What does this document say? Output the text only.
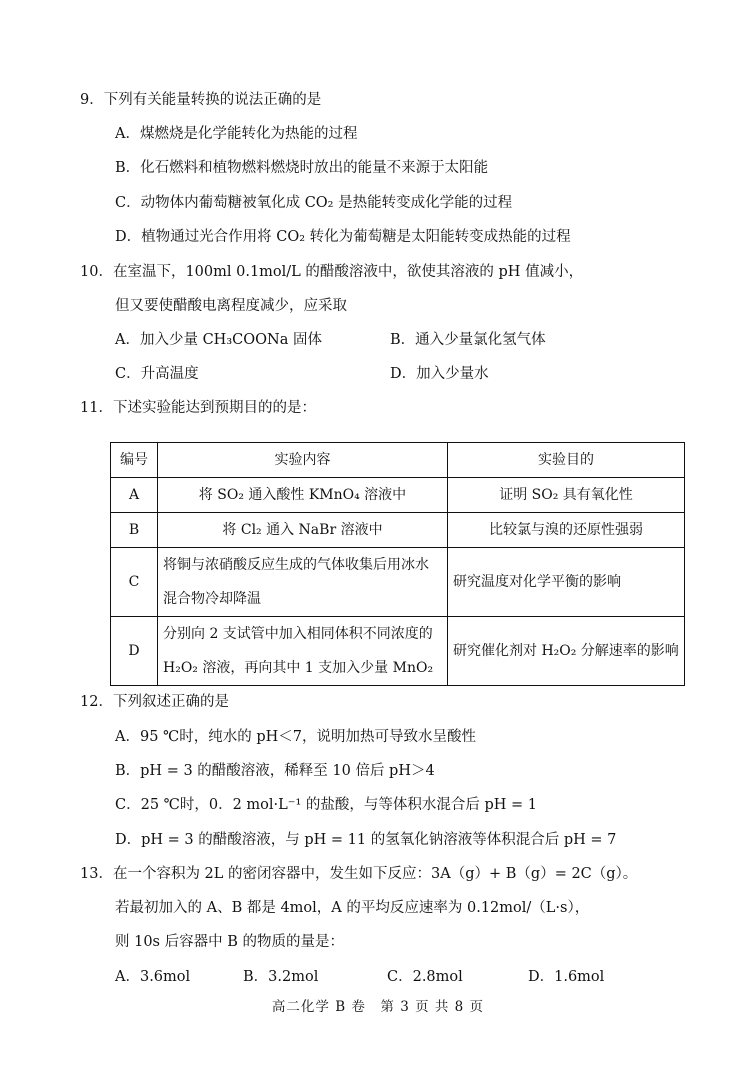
9．下列有关能量转换的说法正确的是
A．煤燃烧是化学能转化为热能的过程
B．化石燃料和植物燃料燃烧时放出的能量不来源于太阳能
C．动物体内葡萄糖被氧化成 CO₂ 是热能转变成化学能的过程
D．植物通过光合作用将 CO₂ 转化为葡萄糖是太阳能转变成热能的过程
10．在室温下，100ml 0.1mol/L 的醋酸溶液中，欲使其溶液的 pH 值减小，
但又要使醋酸电离程度减少，应采取
A．加入少量 CH₃COONa 固体	B．通入少量氯化氢气体
C．升高温度	D．加入少量水
11．下述实验能达到预期目的的是：
编号	实验内容	实验目的
A	将 SO₂ 通入酸性 KMnO₄ 溶液中	证明 SO₂ 具有氧化性
B	将 Cl₂ 通入 NaBr 溶液中	比较氯与溴的还原性强弱
C	将铜与浓硝酸反应生成的气体收集后用冰水混合物冷却降温	研究温度对化学平衡的影响
D	分别向 2 支试管中加入相同体积不同浓度的 H₂O₂ 溶液，再向其中 1 支加入少量 MnO₂	研究催化剂对 H₂O₂ 分解速率的影响
12．下列叙述正确的是
A．95 ℃时，纯水的 pH＜7，说明加热可导致水呈酸性
B．pH = 3 的醋酸溶液，稀释至 10 倍后 pH＞4
C．25 ℃时，0．2 mol·L⁻¹ 的盐酸，与等体积水混合后 pH = 1
D．pH = 3 的醋酸溶液，与 pH = 11 的氢氧化钠溶液等体积混合后 pH = 7
13．在一个容积为 2L 的密闭容器中，发生如下反应：3A（g）+ B（g）= 2C（g）。
若最初加入的 A、B 都是 4mol，A 的平均反应速率为 0.12mol/（L·s），
则 10s 后容器中 B 的物质的量是：
A．3.6mol	B．3.2mol	C．2.8mol	D．1.6mol
高二化学 B 卷　第 3 页 共 8 页
